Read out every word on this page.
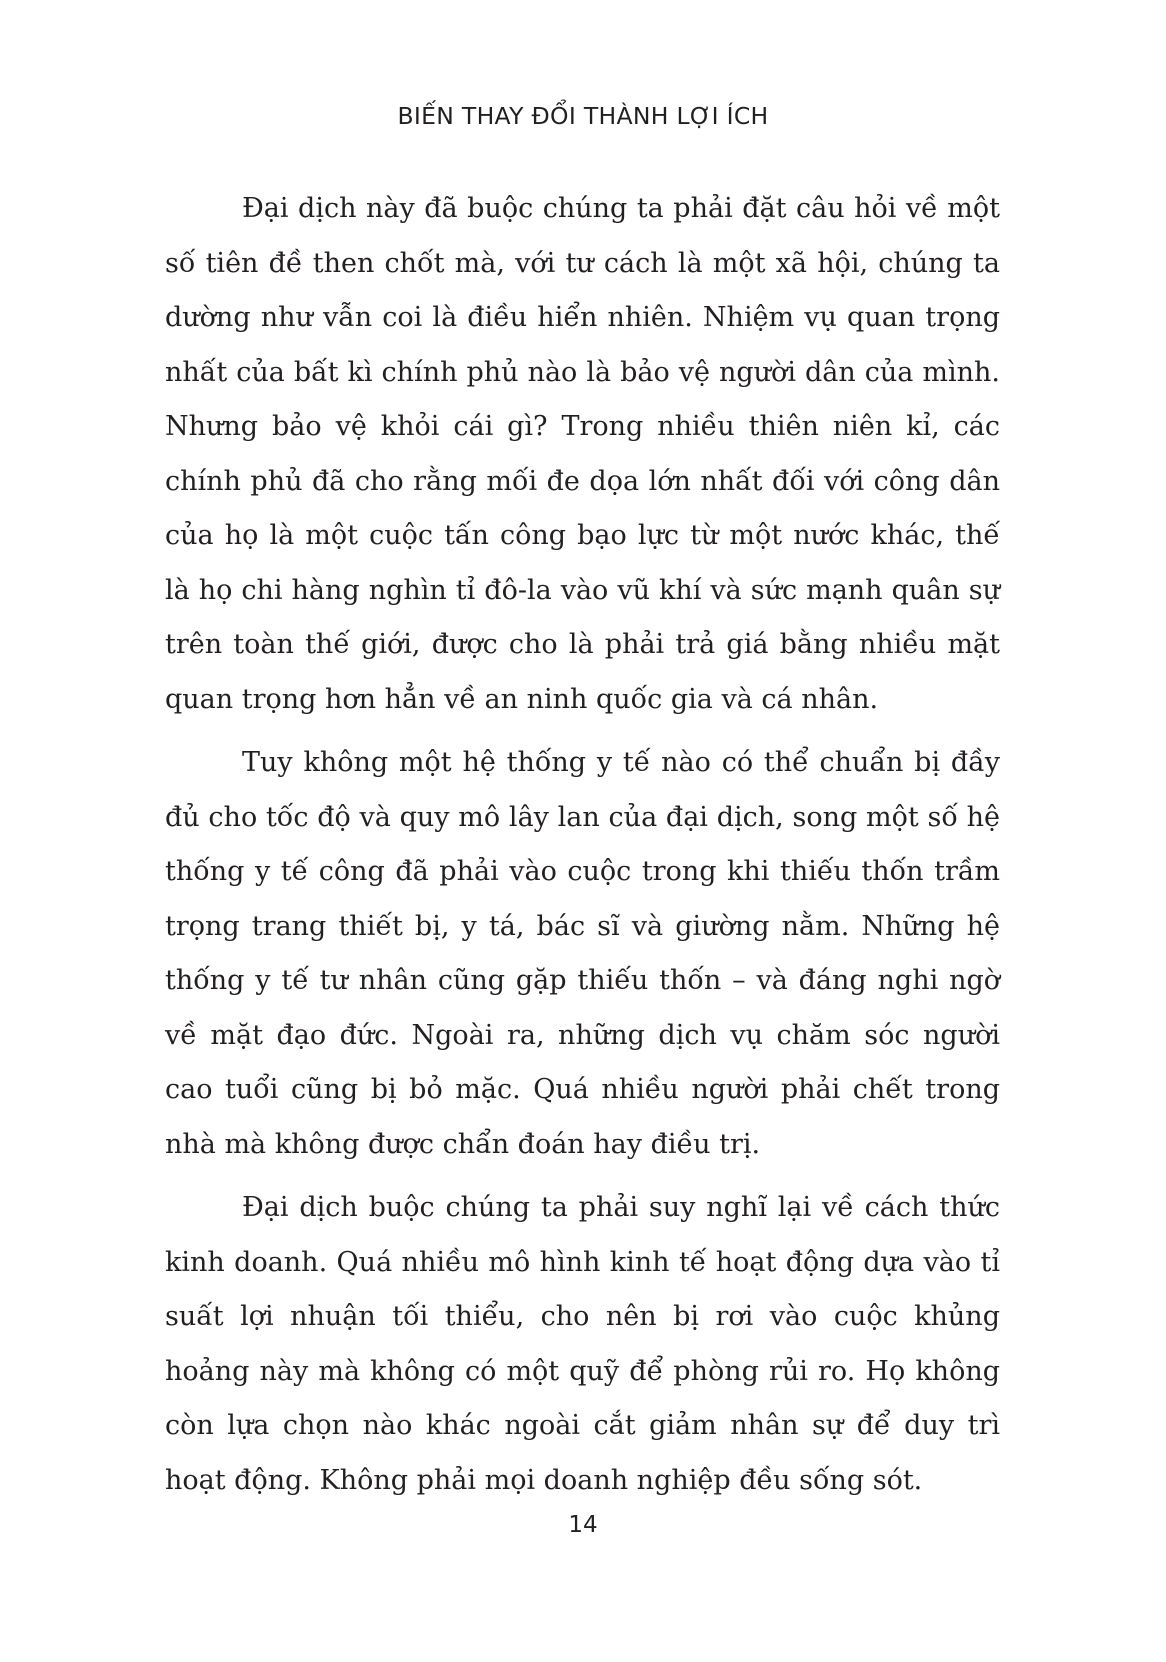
BIẾN THAY ĐỔI THÀNH LỢI ÍCH

Đại dịch này đã buộc chúng ta phải đặt câu hỏi về một số tiên đề then chốt mà, với tư cách là một xã hội, chúng ta dường như vẫn coi là điều hiển nhiên. Nhiệm vụ quan trọng nhất của bất kì chính phủ nào là bảo vệ người dân của mình. Nhưng bảo vệ khỏi cái gì? Trong nhiều thiên niên kỉ, các chính phủ đã cho rằng mối đe dọa lớn nhất đối với công dân của họ là một cuộc tấn công bạo lực từ một nước khác, thế là họ chi hàng nghìn tỉ đô-la vào vũ khí và sức mạnh quân sự trên toàn thế giới, được cho là phải trả giá bằng nhiều mặt quan trọng hơn hẳn về an ninh quốc gia và cá nhân.

Tuy không một hệ thống y tế nào có thể chuẩn bị đầy đủ cho tốc độ và quy mô lây lan của đại dịch, song một số hệ thống y tế công đã phải vào cuộc trong khi thiếu thốn trầm trọng trang thiết bị, y tá, bác sĩ và giường nằm. Những hệ thống y tế tư nhân cũng gặp thiếu thốn – và đáng nghi ngờ về mặt đạo đức. Ngoài ra, những dịch vụ chăm sóc người cao tuổi cũng bị bỏ mặc. Quá nhiều người phải chết trong nhà mà không được chẩn đoán hay điều trị.

Đại dịch buộc chúng ta phải suy nghĩ lại về cách thức kinh doanh. Quá nhiều mô hình kinh tế hoạt động dựa vào tỉ suất lợi nhuận tối thiểu, cho nên bị rơi vào cuộc khủng hoảng này mà không có một quỹ để phòng rủi ro. Họ không còn lựa chọn nào khác ngoài cắt giảm nhân sự để duy trì hoạt động. Không phải mọi doanh nghiệp đều sống sót.

14
